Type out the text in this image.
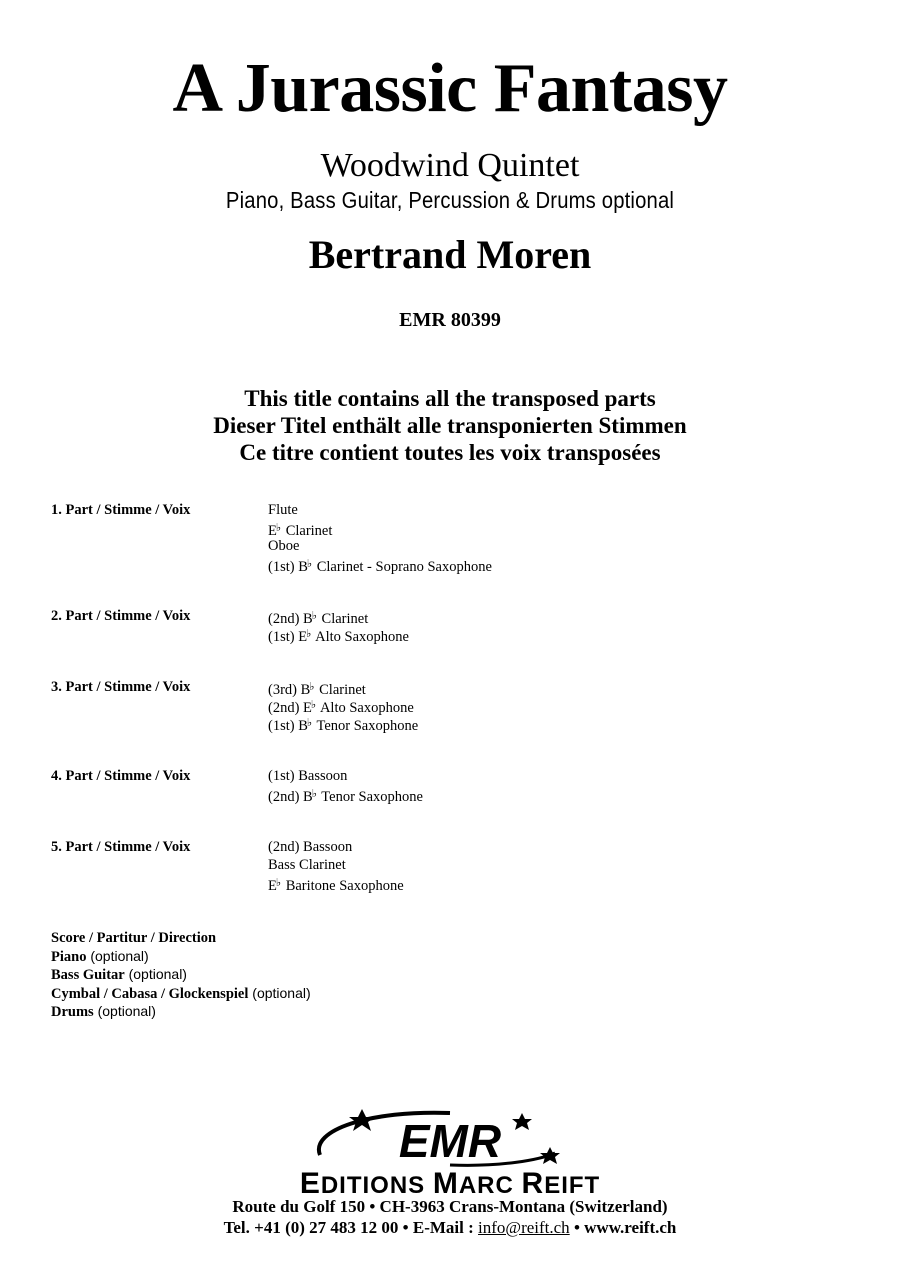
A Jurassic Fantasy
Woodwind Quintet
Piano, Bass Guitar, Percussion & Drums optional
Bertrand Moren
EMR 80399
This title contains all the transposed parts
Dieser Titel enthält alle transponierten Stimmen
Ce titre contient toutes les voix transposées
1. Part / Stimme / Voix	Flute
E♭ Clarinet
Oboe
(1st) B♭ Clarinet - Soprano Saxophone
2. Part / Stimme / Voix	(2nd) B♭ Clarinet
(1st) E♭ Alto Saxophone
3. Part / Stimme / Voix	(3rd) B♭ Clarinet
(2nd) E♭ Alto Saxophone
(1st) B♭ Tenor Saxophone
4. Part / Stimme / Voix	(1st) Bassoon
(2nd) B♭ Tenor Saxophone
5. Part / Stimme / Voix	(2nd) Bassoon
Bass Clarinet
E♭ Baritone Saxophone
Score / Partitur / Direction
Piano (optional)
Bass Guitar (optional)
Cymbal / Cabasa / Glockenspiel (optional)
Drums (optional)
EMR
EDITIONS MARC REIFT
Route du Golf 150 • CH-3963 Crans-Montana (Switzerland)
Tel. +41 (0) 27 483 12 00 • E-Mail : info@reift.ch • www.reift.ch
